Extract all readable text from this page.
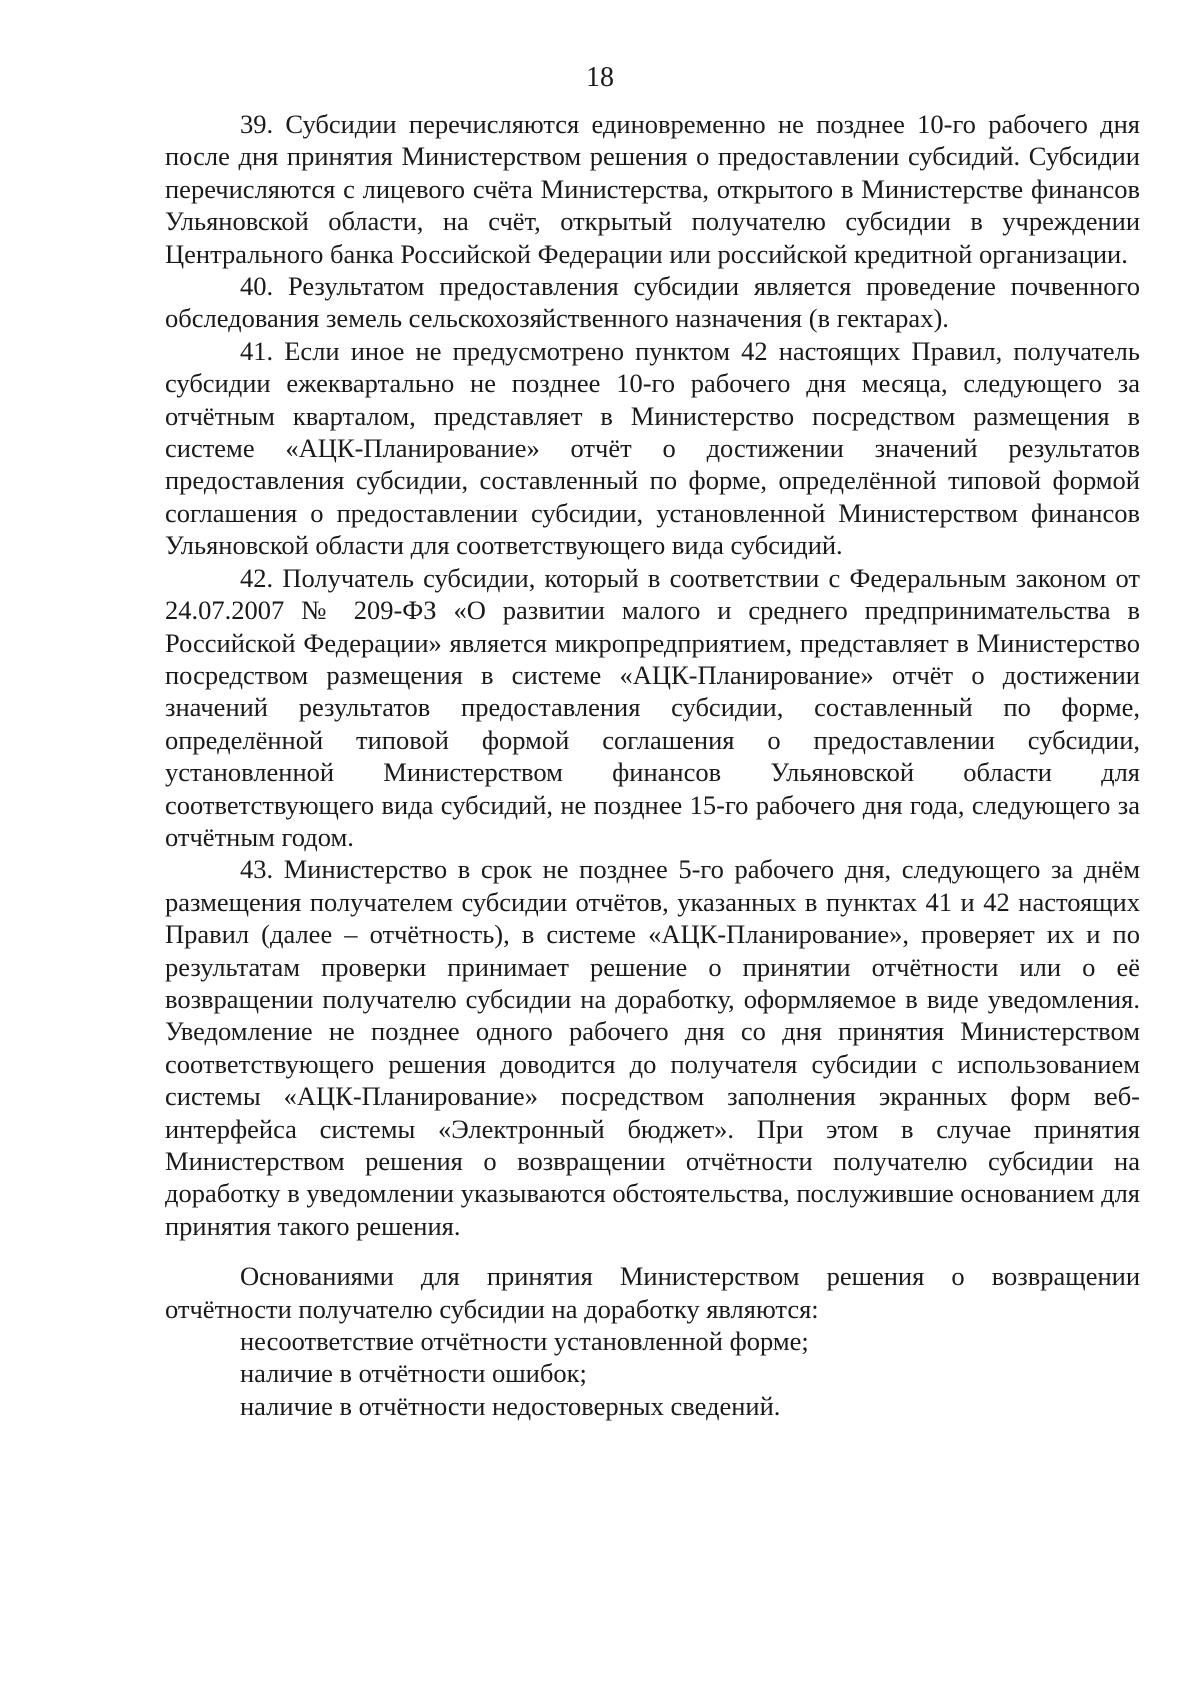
18

39. Субсидии перечисляются единовременно не позднее 10-го рабочего дня после дня принятия Министерством решения о предоставлении субсидий. Субсидии перечисляются с лицевого счёта Министерства, открытого в Министерстве финансов Ульяновской области, на счёт, открытый получателю субсидии в учреждении Центрального банка Российской Федерации или российской кредитной организации.

40. Результатом предоставления субсидии является проведение почвенного обследования земель сельскохозяйственного назначения (в гектарах).

41. Если иное не предусмотрено пунктом 42 настоящих Правил, получатель субсидии ежеквартально не позднее 10-го рабочего дня месяца, следующего за отчётным кварталом, представляет в Министерство посредством размещения в системе «АЦК-Планирование» отчёт о достижении значений результатов предоставления субсидии, составленный по форме, определённой типовой формой соглашения о предоставлении субсидии, установленной Министерством финансов Ульяновской области для соответствующего вида субсидий.

42. Получатель субсидии, который в соответствии с Федеральным законом от 24.07.2007 № 209-ФЗ «О развитии малого и среднего предпринимательства в Российской Федерации» является микропредприятием, представляет в Министерство посредством размещения в системе «АЦК-Планирование» отчёт о достижении значений результатов предоставления субсидии, составленный по форме, определённой типовой формой соглашения о предоставлении субсидии, установленной Министерством финансов Ульяновской области для соответствующего вида субсидий, не позднее 15-го рабочего дня года, следующего за отчётным годом.

43. Министерство в срок не позднее 5-го рабочего дня, следующего за днём размещения получателем субсидии отчётов, указанных в пунктах 41 и 42 настоящих Правил (далее – отчётность), в системе «АЦК-Планирование», проверяет их и по результатам проверки принимает решение о принятии отчётности или о её возвращении получателю субсидии на доработку, оформляемое в виде уведомления. Уведомление не позднее одного рабочего дня со дня принятия Министерством соответствующего решения доводится до получателя субсидии с использованием системы «АЦК-Планирование» посредством заполнения экранных форм веб-интерфейса системы «Электронный бюджет». При этом в случае принятия Министерством решения о возвращении отчётности получателю субсидии на доработку в уведомлении указываются обстоятельства, послужившие основанием для принятия такого решения.

Основаниями для принятия Министерством решения о возвращении отчётности получателю субсидии на доработку являются:

несоответствие отчётности установленной форме;

наличие в отчётности ошибок;

наличие в отчётности недостоверных сведений.
